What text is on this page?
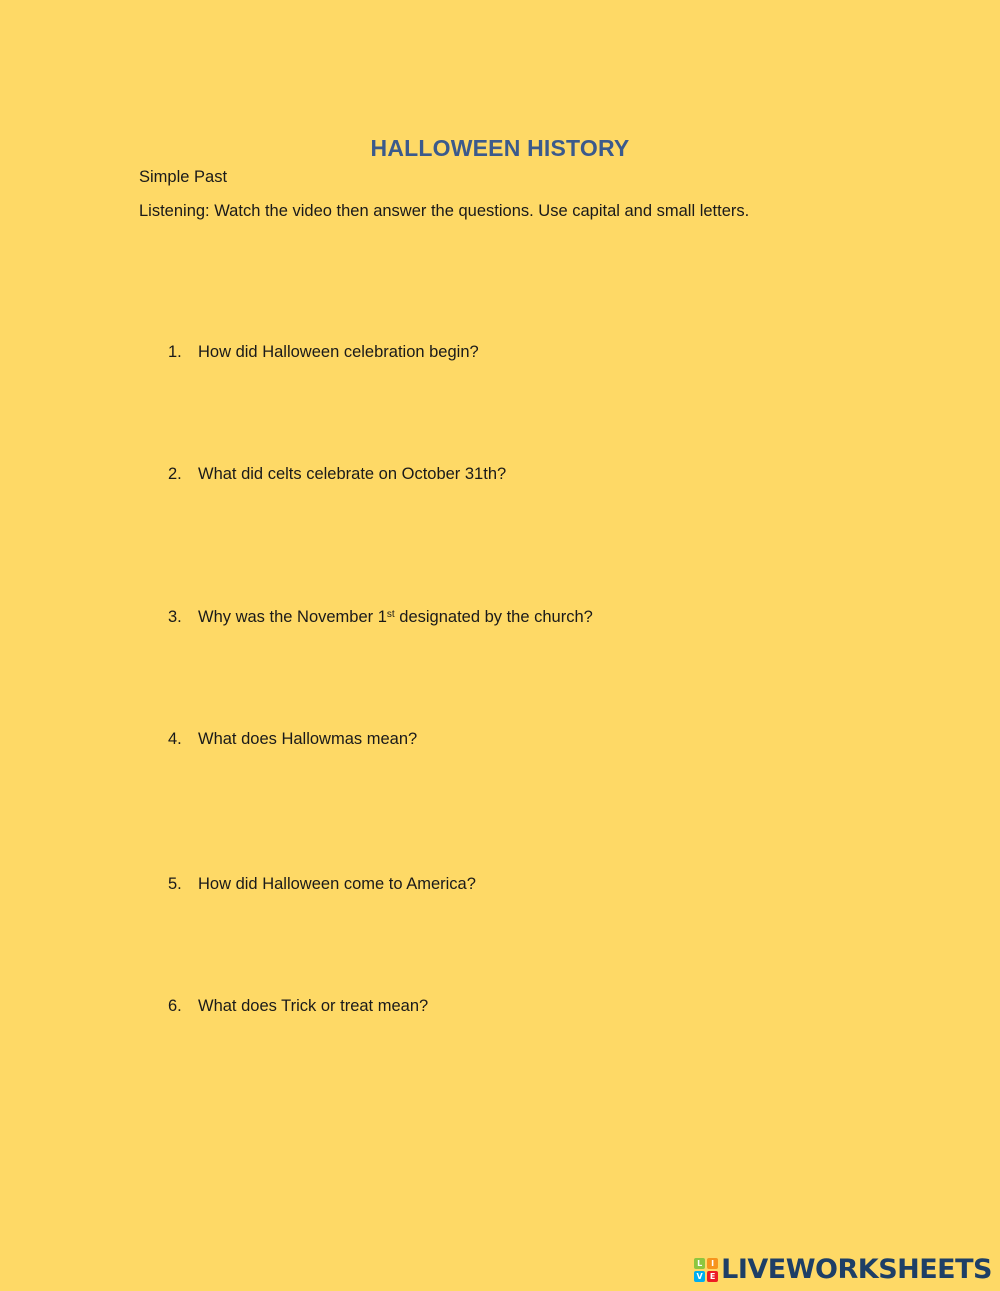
HALLOWEEN HISTORY
Simple Past
Listening: Watch the video then answer the questions. Use capital and small letters.
1. How did Halloween celebration begin?
2. What did celts celebrate on October 31th?
3. Why was the November 1st designated by the church?
4. What does Hallowmas mean?
5. How did Halloween come to America?
6. What does Trick or treat mean?
L	I
V E LIVEWORKSHEETS
